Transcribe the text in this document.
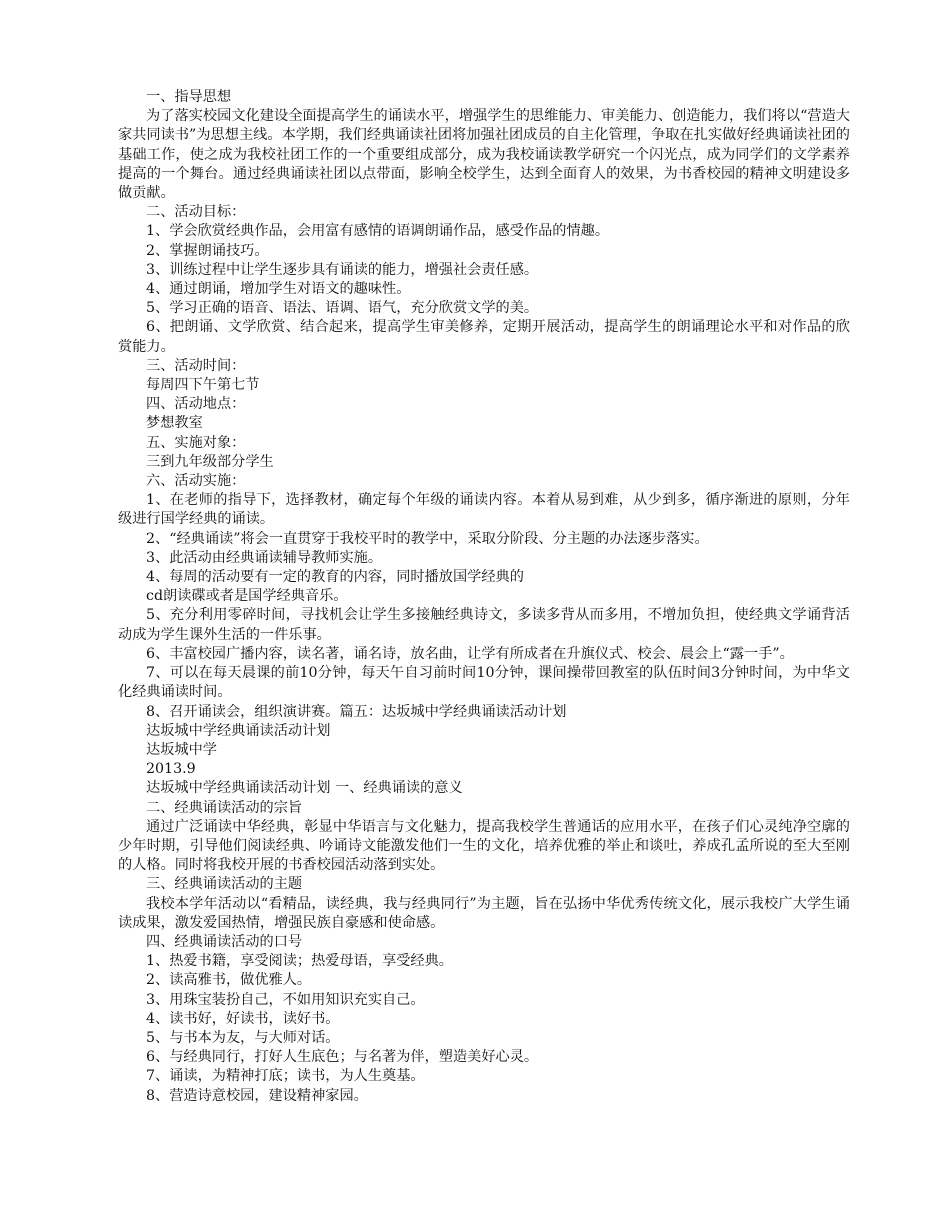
一、指导思想

为了落实校园文化建设全面提高学生的诵读水平，增强学生的思维能力、审美能力、创造能力，我们将以“营造大家共同读书”为思想主线。本学期，我们经典诵读社团将加强社团成员的自主化管理，争取在扎实做好经典诵读社团的基础工作，使之成为我校社团工作的一个重要组成部分，成为我校诵读教学研究一个闪光点，成为同学们的文学素养提高的一个舞台。通过经典诵读社团以点带面，影响全校学生，达到全面育人的效果，为书香校园的精神文明建设多做贡献。

二、活动目标：

1、学会欣赏经典作品，会用富有感情的语调朗诵作品，感受作品的情趣。

2、掌握朗诵技巧。

3、训练过程中让学生逐步具有诵读的能力，增强社会责任感。

4、通过朗诵，增加学生对语文的趣味性。

5、学习正确的语音、语法、语调、语气，充分欣赏文学的美。

6、把朗诵、文学欣赏、结合起来，提高学生审美修养，定期开展活动，提高学生的朗诵理论水平和对作品的欣赏能力。

三、活动时间：

每周四下午第七节

四、活动地点：

梦想教室

五、实施对象：

三到九年级部分学生

六、活动实施：

1、在老师的指导下，选择教材，确定每个年级的诵读内容。本着从易到难，从少到多，循序渐进的原则，分年级进行国学经典的诵读。

2、“经典诵读”将会一直贯穿于我校平时的教学中，采取分阶段、分主题的办法逐步落实。

3、此活动由经典诵读辅导教师实施。

4、每周的活动要有一定的教育的内容，同时播放国学经典的

cd朗读碟或者是国学经典音乐。

5、充分利用零碎时间，寻找机会让学生多接触经典诗文，多读多背从而多用，不增加负担，使经典文学诵背活动成为学生课外生活的一件乐事。

6、丰富校园广播内容，读名著，诵名诗，放名曲，让学有所成者在升旗仪式、校会、晨会上“露一手”。

7、可以在每天晨课的前10分钟，每天午自习前时间10分钟，课间操带回教室的队伍时间3分钟时间，为中华文化经典诵读时间。

8、召开诵读会，组织演讲赛。篇五：达坂城中学经典诵读活动计划

达坂城中学经典诵读活动计划

达坂城中学

2013.9

达坂城中学经典诵读活动计划 一、经典诵读的意义

二、经典诵读活动的宗旨

通过广泛诵读中华经典，彰显中华语言与文化魅力，提高我校学生普通话的应用水平，在孩子们心灵纯净空廓的少年时期，引导他们阅读经典、吟诵诗文能激发他们一生的文化，培养优雅的举止和谈吐，养成孔孟所说的至大至刚的人格。同时将我校开展的书香校园活动落到实处。

三、经典诵读活动的主题

我校本学年活动以“看精品，读经典，我与经典同行”为主题，旨在弘扬中华优秀传统文化，展示我校广大学生诵读成果，激发爱国热情，增强民族自豪感和使命感。

四、经典诵读活动的口号

1、热爱书籍，享受阅读；热爱母语，享受经典。

2、读高雅书，做优雅人。

3、用珠宝装扮自己，不如用知识充实自己。

4、读书好，好读书，读好书。

5、与书本为友，与大师对话。

6、与经典同行，打好人生底色；与名著为伴，塑造美好心灵。

7、诵读，为精神打底；读书，为人生奠基。

8、营造诗意校园，建设精神家园。
